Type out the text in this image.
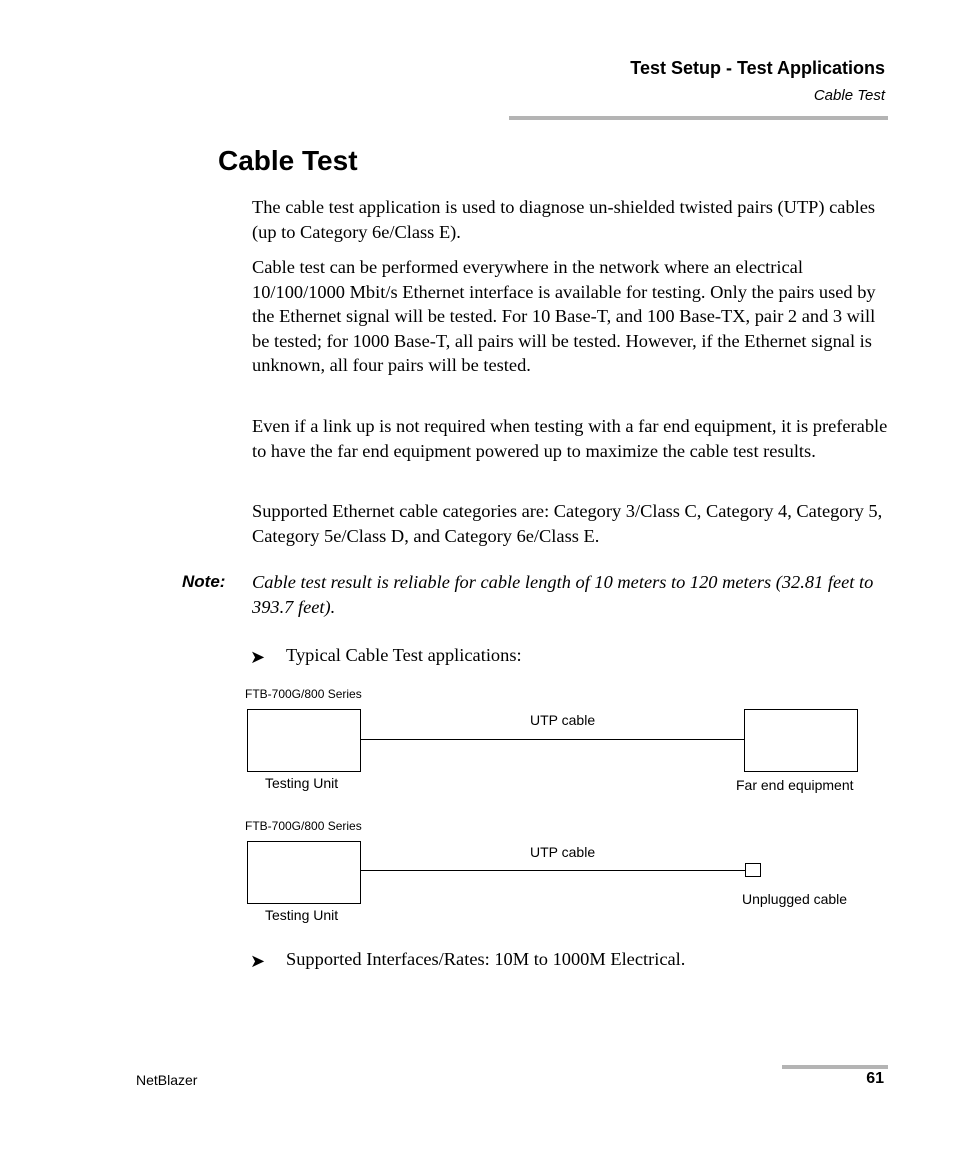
Test Setup - Test Applications
Cable Test
Cable Test

The cable test application is used to diagnose un-shielded twisted pairs (UTP) cables (up to Category 6e/Class E).

Cable test can be performed everywhere in the network where an electrical 10/100/1000 Mbit/s Ethernet interface is available for testing. Only the pairs used by the Ethernet signal will be tested. For 10 Base-T, and 100 Base-TX, pair 2 and 3 will be tested; for 1000 Base-T, all pairs will be tested. However, if the Ethernet signal is unknown, all four pairs will be tested.

Even if a link up is not required when testing with a far end equipment, it is preferable to have the far end equipment powered up to maximize the cable test results.

Supported Ethernet cable categories are: Category 3/Class C, Category 4, Category 5, Category 5e/Class D, and Category 6e/Class E.

Note: Cable test result is reliable for cable length of 10 meters to 120 meters (32.81 feet to 393.7 feet).

➤ Typical Cable Test applications:
FTB-700G/800 Series
UTP cable
Testing Unit	Far end equipment
FTB-700G/800 Series
UTP cable
Testing Unit
Unplugged cable
➤ Supported Interfaces/Rates: 10M to 1000M Electrical.
NetBlazer	61
